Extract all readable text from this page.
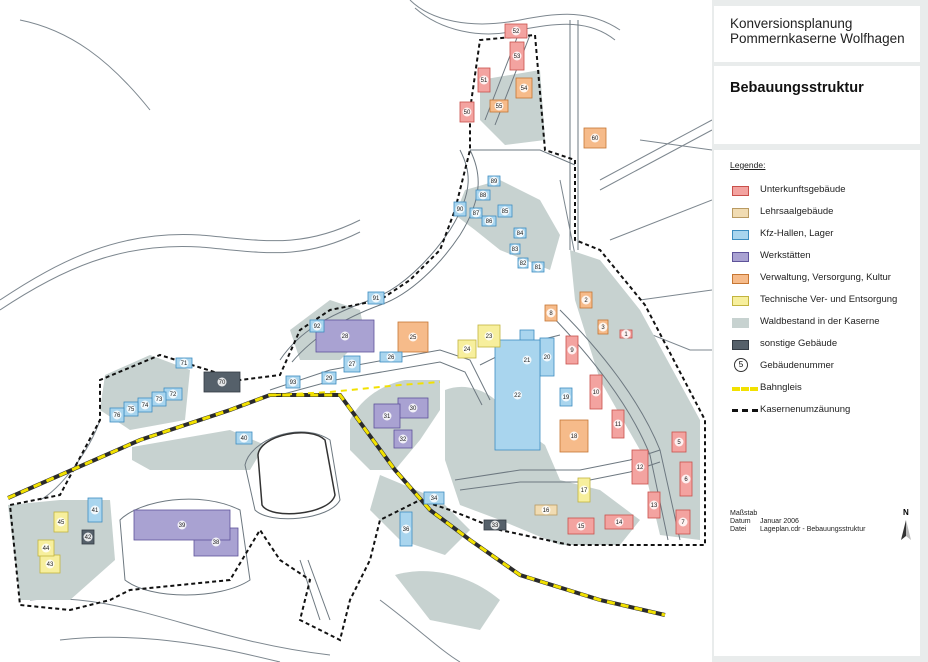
1
2
3
5
6
7
8
9
10
11
12
13
14
15
16
17
18
19
20
21
22
23
24
25
26
27
28
29
30
31
32
33
34
36
38
39
40
41
42
43
44
45
50
51
52
53
54
55
60
70
71
72
73
74
75
76
81
82
83
84
85
86
87
88
89
90
91
92
93
Konversionsplanung
Pommernkaserne Wolfhagen
Bebauungsstruktur
Legende:
Unterkunftsgebäude
Lehrsaalgebäude
Kfz-Hallen, Lager
Werkstätten
Verwaltung, Versorgung, Kultur
Technische Ver- und Entsorgung
Waldbestand in der Kaserne
sonstige Gebäude
5	Gebäudenummer
Bahngleis
Kasernenumzäunung
Maßstab
Datum	Januar 2006
Datei	Lageplan.cdr - Bebauungsstruktur
N
